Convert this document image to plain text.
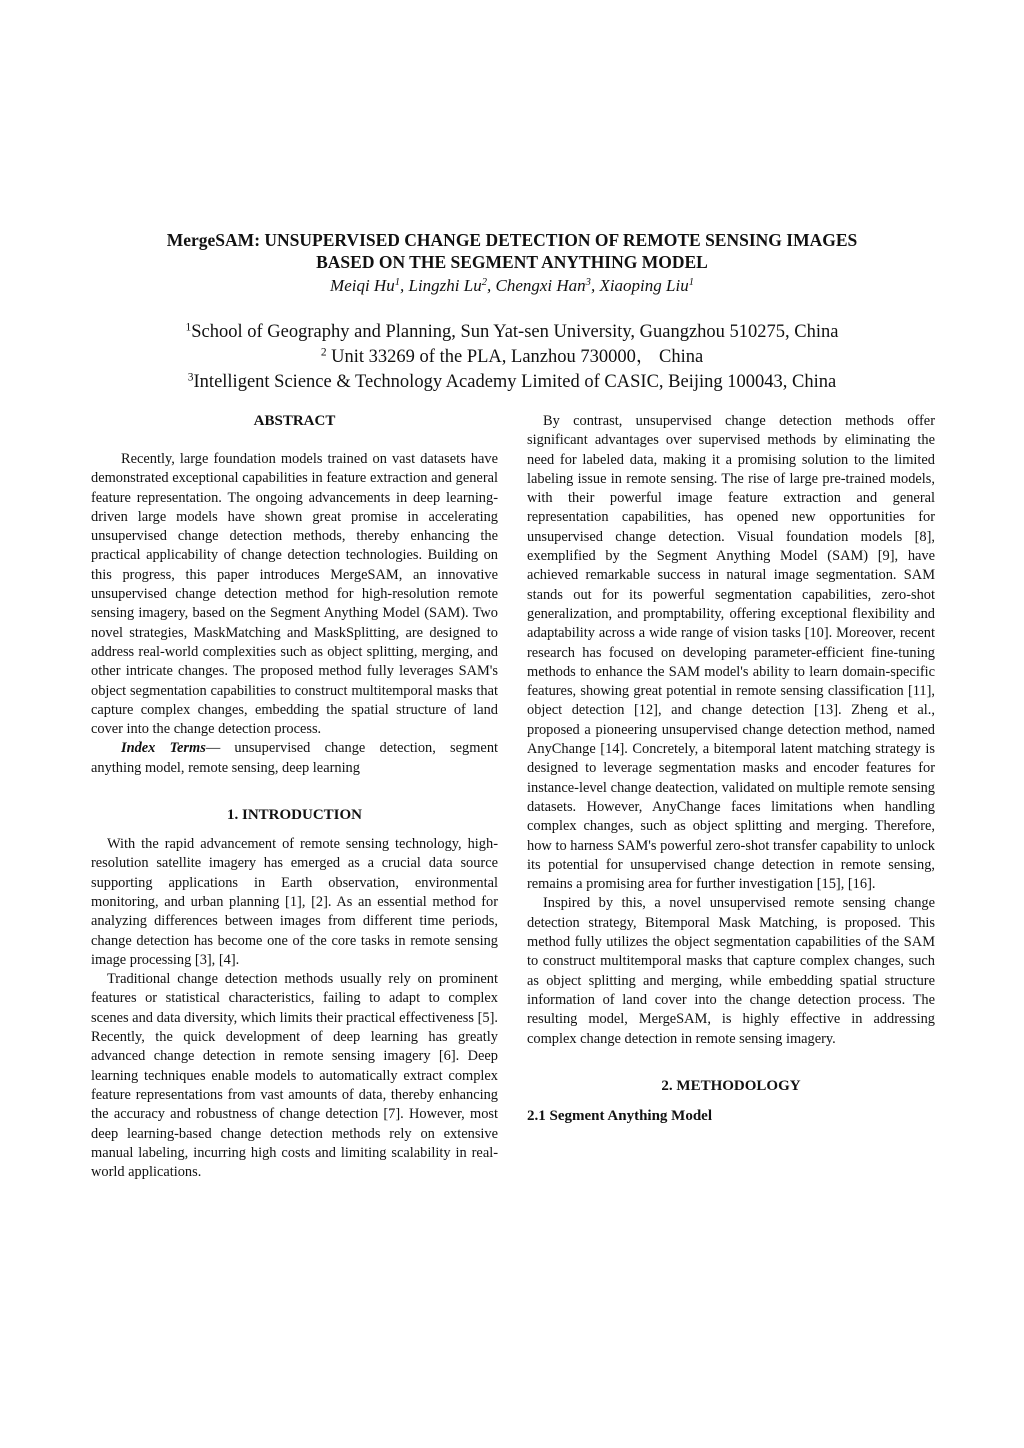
MergeSAM: UNSUPERVISED CHANGE DETECTION OF REMOTE SENSING IMAGES
BASED ON THE SEGMENT ANYTHING MODEL
Meiqi Hu$^1$, Lingzhi Lu$^2$, Chengxi Han$^3$, Xiaoping Liu$^1$
$^1$School of Geography and Planning, Sun Yat-sen University, Guangzhou 510275, China
$^2$ Unit 33269 of the PLA, Lanzhou 730000， China
$^3$Intelligent Science & Technology Academy Limited of CASIC, Beijing 100043, China
ABSTRACT

Recently, large foundation models trained on vast datasets have demonstrated exceptional capabilities in feature extraction and general feature representation. The ongoing advancements in deep learning-driven large models have shown great promise in accelerating unsupervised change detection methods, thereby enhancing the practical applicability of change detection technologies. Building on this progress, this paper introduces MergeSAM, an innovative unsupervised change detection method for high-resolution remote sensing imagery, based on the Segment Anything Model (SAM). Two novel strategies, MaskMatching and MaskSplitting, are designed to address real-world complexities such as object splitting, merging, and other intricate changes. The proposed method fully leverages SAM's object segmentation capabilities to construct multitemporal masks that capture complex changes, embedding the spatial structure of land cover into the change detection process.

Index Terms— unsupervised change detection, segment anything model, remote sensing, deep learning

1. INTRODUCTION

With the rapid advancement of remote sensing technology, high-resolution satellite imagery has emerged as a crucial data source supporting applications in Earth observation, environmental monitoring, and urban planning [1], [2]. As an essential method for analyzing differences between images from different time periods, change detection has become one of the core tasks in remote sensing image processing [3], [4].

Traditional change detection methods usually rely on prominent features or statistical characteristics, failing to adapt to complex scenes and data diversity, which limits their practical effectiveness [5]. Recently, the quick development of deep learning has greatly advanced change detection in remote sensing imagery [6]. Deep learning techniques enable models to automatically extract complex feature representations from vast amounts of data, thereby enhancing the accuracy and robustness of change detection [7]. However, most deep learning-based change detection methods rely on extensive manual labeling, incurring high costs and limiting scalability in real-world applications.

By contrast, unsupervised change detection methods offer significant advantages over supervised methods by eliminating the need for labeled data, making it a promising solution to the limited labeling issue in remote sensing. The rise of large pre-trained models, with their powerful image feature extraction and general representation capabilities, has opened new opportunities for unsupervised change detection. Visual foundation models [8], exemplified by the Segment Anything Model (SAM) [9], have achieved remarkable success in natural image segmentation. SAM stands out for its powerful segmentation capabilities, zero-shot generalization, and promptability, offering exceptional flexibility and adaptability across a wide range of vision tasks [10]. Moreover, recent research has focused on developing parameter-efficient fine-tuning methods to enhance the SAM model's ability to learn domain-specific features, showing great potential in remote sensing classification [11], object detection [12], and change detection [13]. Zheng et al., proposed a pioneering unsupervised change detection method, named AnyChange [14]. Concretely, a bitemporal latent matching strategy is designed to leverage segmentation masks and encoder features for instance-level change deatection, validated on multiple remote sensing datasets. However, AnyChange faces limitations when handling complex changes, such as object splitting and merging. Therefore, how to harness SAM's powerful zero-shot transfer capability to unlock its potential for unsupervised change detection in remote sensing, remains a promising area for further investigation [15], [16].

Inspired by this, a novel unsupervised remote sensing change detection strategy, Bitemporal Mask Matching, is proposed. This method fully utilizes the object segmentation capabilities of the SAM to construct multitemporal masks that capture complex changes, such as object splitting and merging, while embedding spatial structure information of land cover into the change detection process. The resulting model, MergeSAM, is highly effective in addressing complex change detection in remote sensing imagery.

2. METHODOLOGY
2.1 Segment Anything Model
